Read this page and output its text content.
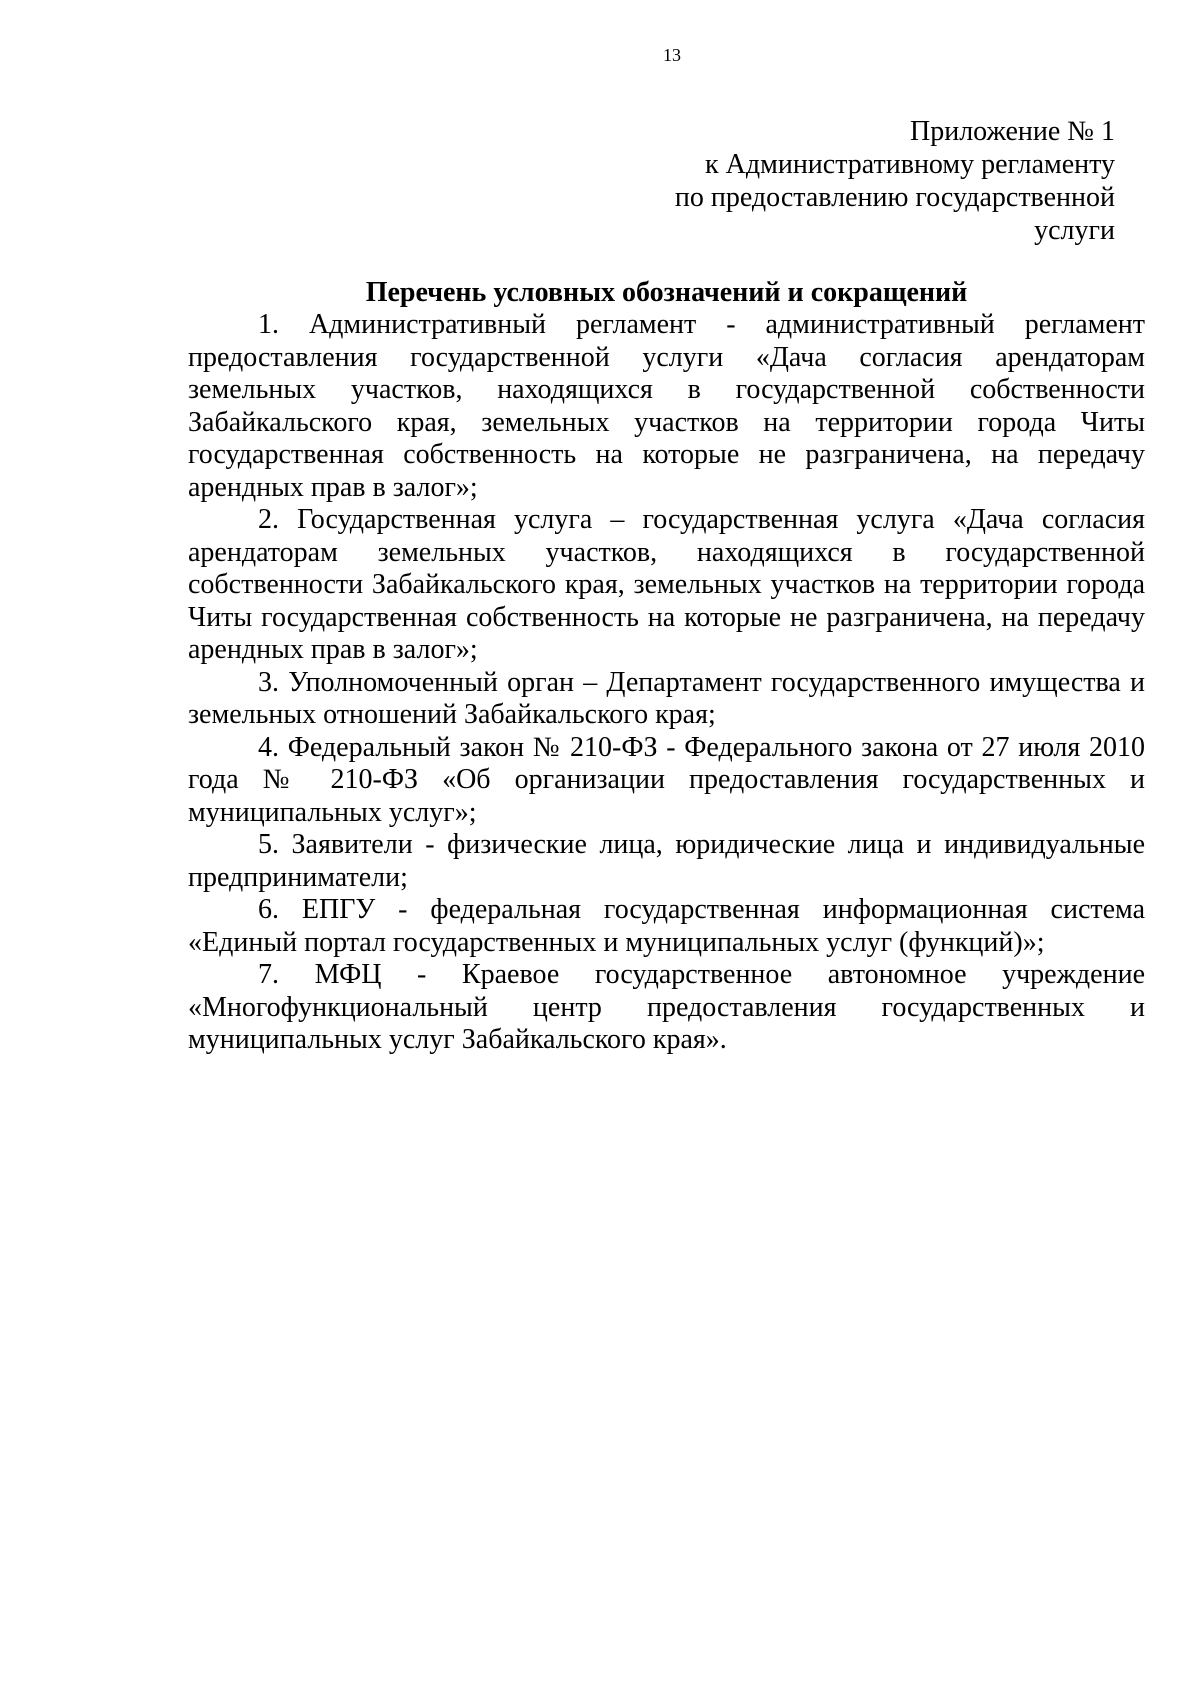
13
Приложение № 1
к Административному регламенту
по предоставлению государственной
услуги
Перечень условных обозначений и сокращений

1. Административный регламент - административный регламент предоставления государственной услуги «Дача согласия арендаторам земельных участков, находящихся в государственной собственности Забайкальского края, земельных участков на территории города Читы государственная собственность на которые не разграничена, на передачу арендных прав в залог»;

2. Государственная услуга – государственная услуга «Дача согласия арендаторам земельных участков, находящихся в государственной собственности Забайкальского края, земельных участков на территории города Читы государственная собственность на которые не разграничена, на передачу арендных прав в залог»;

3. Уполномоченный орган – Департамент государственного имущества и земельных отношений Забайкальского края;

4. Федеральный закон № 210-ФЗ - Федерального закона от 27 июля 2010 года № 210-ФЗ «Об организации предоставления государственных и муниципальных услуг»;

5. Заявители - физические лица, юридические лица и индивидуальные предприниматели;

6. ЕПГУ - федеральная государственная информационная система «Единый портал государственных и муниципальных услуг (функций)»;

7. МФЦ - Краевое государственное автономное учреждение «Многофункциональный центр предоставления государственных и муниципальных услуг Забайкальского края».
